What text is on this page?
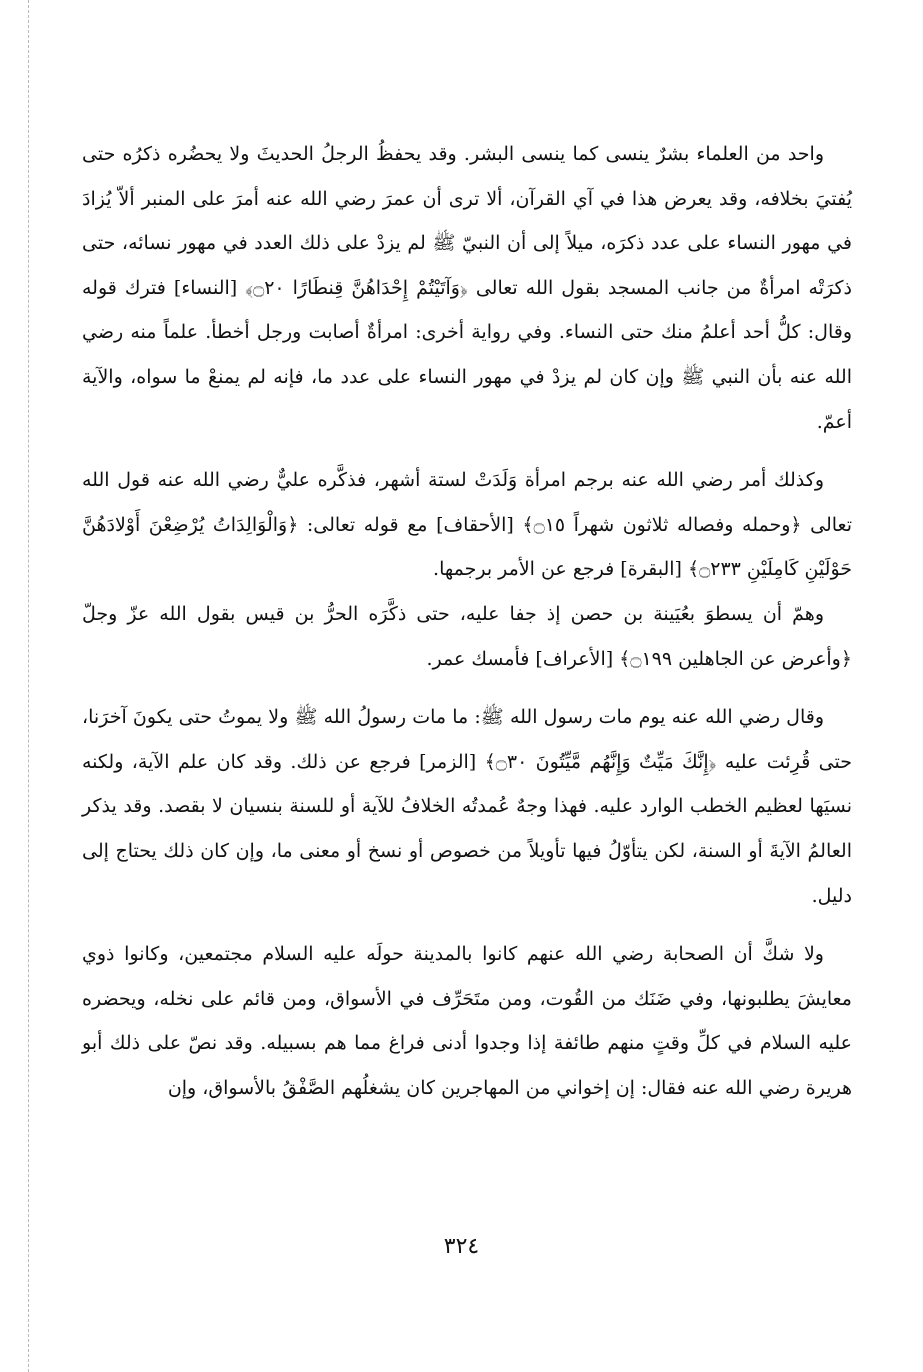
واحد من العلماء بشرٌ ينسى كما ينسى البشر. وقد يحفظُ الرجلُ الحديثَ ولا يحضُره ذكرُه حتى يُفتيَ بخلافه، وقد يعرض هذا في آي القرآن، ألا ترى أن عمرَ رضي الله عنه أمرَ على المنبر ألاّ يُزادَ في مهور النساء على عدد ذكرَه، ميلاً إلى أن النبيّ ﷺ لم يزدْ على ذلك العدد في مهور نسائه، حتى ذكرَتْه امرأةٌ من جانب المسجد بقول الله تعالى ﴿وَآتَيْتُمْ إِحْدَاهُنَّ قِنطَارًا ۝٢٠﴾ [النساء] فترك قوله وقال: كلُّ أحد أعلمُ منك حتى النساء. وفي رواية أخرى: امرأةٌ أصابت ورجل أخطأ. علماً منه رضي الله عنه بأن النبي ﷺ وإن كان لم يزدْ في مهور النساء على عدد ما، فإنه لم يمنعْ ما سواه، والآية أعمّ.

وكذلك أمر رضي الله عنه برجم امرأة وَلَدَتْ لستة أشهر، فذكَّره عليٌّ رضي الله عنه قول الله تعالى ﴿وحمله وفصاله ثلاثون شهراً ۝١٥﴾ [الأحقاف] مع قوله تعالى: ﴿وَالْوَالِدَاتُ يُرْضِعْنَ أَوْلادَهُنَّ حَوْلَيْنِ كَامِلَيْنِ ۝٢٣٣﴾ [البقرة] فرجع عن الأمر برجمها.

وهمّ أن يسطوَ بعُيَينة بن حصن إذ جفا عليه، حتى ذكَّرَه الحرُّ بن قيس بقول الله عزّ وجلّ ﴿وأعرض عن الجاهلين ۝١٩٩﴾ [الأعراف] فأمسك عمر.

وقال رضي الله عنه يوم مات رسول الله ﷺ: ما مات رسولُ الله ﷺ ولا يموتُ حتى يكونَ آخرَنا، حتى قُرِئت عليه ﴿إِنَّكَ مَيِّتٌ وَإِنَّهُم مَّيِّتُونَ ۝٣٠﴾ [الزمر] فرجع عن ذلك. وقد كان علم الآية، ولكنه نسيَها لعظيم الخطب الوارد عليه. فهذا وجهٌ عُمدتُه الخلافُ للآية أو للسنة بنسيان لا بقصد. وقد يذكر العالمُ الآيةَ أو السنة، لكن يتأوّلُ فيها تأويلاً من خصوص أو نسخ أو معنى ما، وإن كان ذلك يحتاج إلى دليل.

ولا شكَّ أن الصحابة رضي الله عنهم كانوا بالمدينة حولَه عليه السلام مجتمعين، وكانوا ذوي معايشَ يطلبونها، وفي ضَنَك من القُوت، ومن متَحَرِّف في الأسواق، ومن قائم على نخله، ويحضره عليه السلام في كلِّ وقتٍ منهم طائفة إذا وجدوا أدنى فراغ مما هم بسبيله. وقد نصّ على ذلك أبو هريرة رضي الله عنه فقال: إن إخواني من المهاجرين كان يشغلُهم الصَّفْقُ بالأسواق، وإن

٣٢٤
